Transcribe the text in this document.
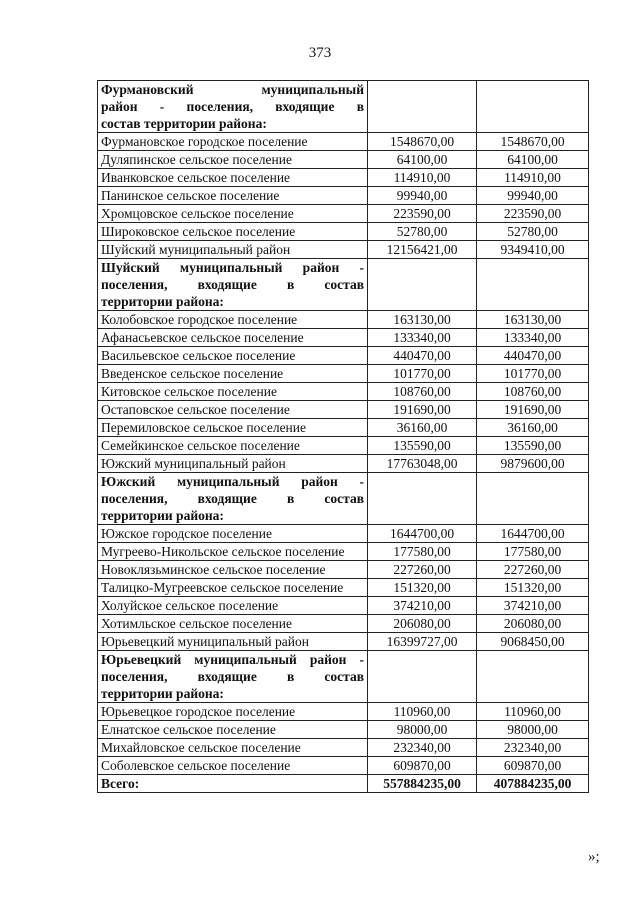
373
Фурмановский муниципальный
район - поселения, входящие в
состав территории района:		

Фурмановское городское поселение	1548670,00	1548670,00
Дуляпинское сельское поселение	64100,00	64100,00
Иванковское сельское поселение	114910,00	114910,00
Панинское сельское поселение	99940,00	99940,00
Хромцовское сельское поселение	223590,00	223590,00
Широковское сельское поселение	52780,00	52780,00
Шуйский муниципальный район	12156421,00	9349410,00

Шуйский муниципальный район -
поселения, входящие в состав
территории района:		

Колобовское городское поселение	163130,00	163130,00
Афанасьевское сельское поселение	133340,00	133340,00
Васильевское сельское поселение	440470,00	440470,00
Введенское сельское поселение	101770,00	101770,00
Китовское сельское поселение	108760,00	108760,00
Остаповское сельское поселение	191690,00	191690,00
Перемиловское сельское поселение	36160,00	36160,00
Семейкинское сельское поселение	135590,00	135590,00
Южский муниципальный район	17763048,00	9879600,00

Южский муниципальный район -
поселения, входящие в состав
территории района:		

Южское городское поселение	1644700,00	1644700,00
Мугреево-Никольское сельское поселение	177580,00	177580,00
Новоклязьминское сельское поселение	227260,00	227260,00
Талицко-Мугреевское сельское поселение	151320,00	151320,00
Холуйское сельское поселение	374210,00	374210,00
Хотимльское сельское поселение	206080,00	206080,00
Юрьевецкий муниципальный район	16399727,00	9068450,00

Юрьевецкий муниципальный район -
поселения, входящие в состав
территории района:		

Юрьевецкое городское поселение	110960,00	110960,00
Елнатское сельское поселение	98000,00	98000,00
Михайловское сельское поселение	232340,00	232340,00
Соболевское сельское поселение	609870,00	609870,00
Всего:	557884235,00	407884235,00
»;
